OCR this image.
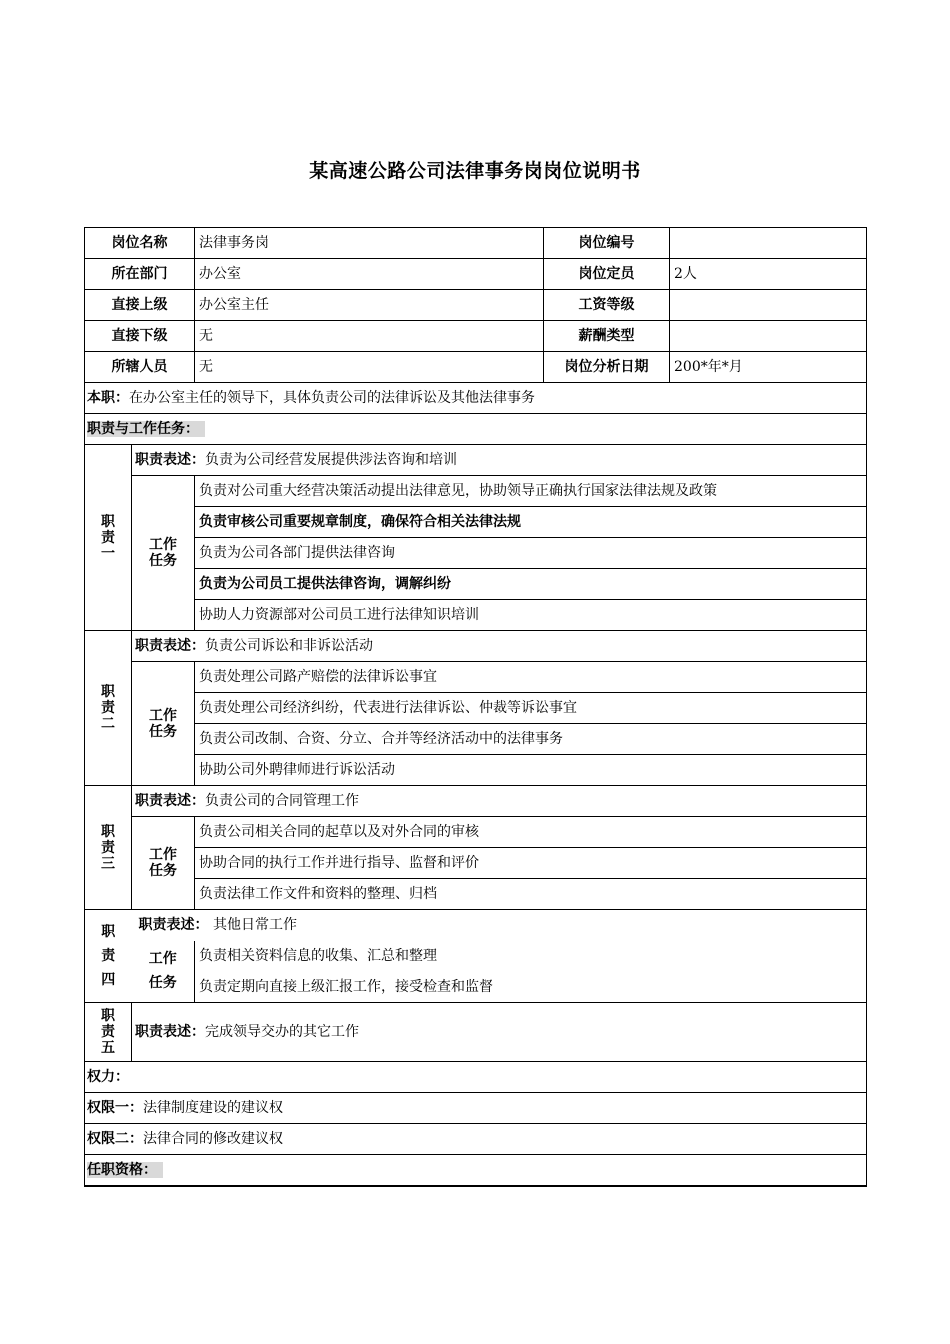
某高速公路公司法律事务岗岗位说明书
岗位名称		法律事务岗	岗位编号	
所在部门		办公室	岗位定员	2人
直接上级		办公室主任	工资等级	
直接下级		无	薪酬类型	
所辖人员		无	岗位分析日期	200*年*月
本职：在办公室主任的领导下，具体负责公司的法律诉讼及其他法律事务				
职责与工作任务：				
职责一	职责表述：负责为公司经营发展提供涉法咨询和培训			
	工作任务	负责对公司重大经营决策活动提出法律意见，协助领导正确执行国家法律法规及政策		
		负责审核公司重要规章制度，确保符合相关法律法规		
		负责为公司各部门提供法律咨询		
		负责为公司员工提供法律咨询，调解纠纷		
		协助人力资源部对公司员工进行法律知识培训		
职责二	职责表述：负责公司诉讼和非诉讼活动			
	工作任务	负责处理公司路产赔偿的法律诉讼事宜		
		负责处理公司经济纠纷，代表进行法律诉讼、仲裁等诉讼事宜		
		负责公司改制、合资、分立、合并等经济活动中的法律事务		
		协助公司外聘律师进行诉讼活动		
职责三	职责表述：负责公司的合同管理工作			
	工作任务	负责公司相关合同的起草以及对外合同的审核		
		协助合同的执行工作并进行指导、监督和评价		
		负责法律工作文件和资料的整理、归档		
职责四	职责表述： 其他日常工作			
	工作任务	负责相关资料信息的收集、汇总和整理		
		负责定期向直接上级汇报工作，接受检查和监督		
职责五	职责表述：完成领导交办的其它工作			
权力：				
权限一：法律制度建设的建议权				
权限二：法律合同的修改建议权				
任职资格：				
